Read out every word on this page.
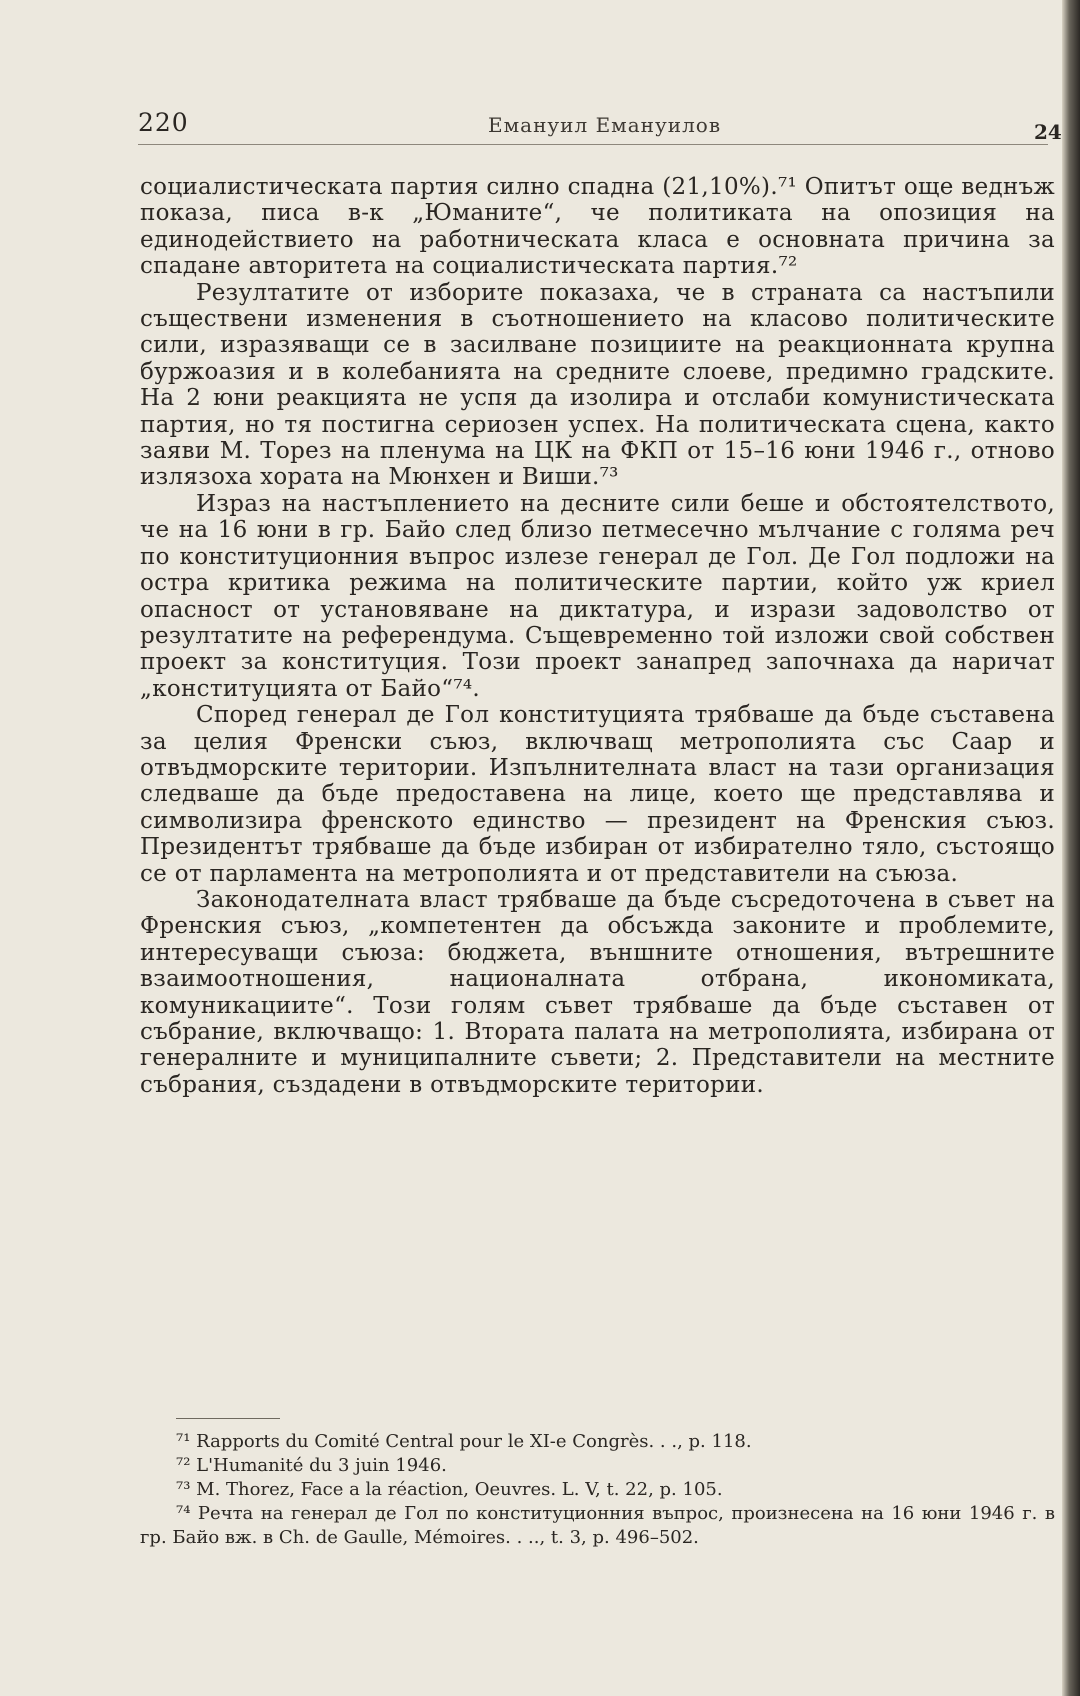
220	Емануил Емануилов	24

социалистическата партия силно спадна (21,10%).⁷¹ Опитът още веднъж показа, писа в-к „Юманите“, че политиката на опозиция на единодействието на работническата класа е основната причина за спадане авторитета на социалистическата партия.⁷²

Резултатите от изборите показаха, че в страната са настъпили съществени изменения в съотношението на класово политическите сили, изразяващи се в засилване позициите на реакционната крупна буржоазия и в колебанията на средните слоеве, предимно градските. На 2 юни реакцията не успя да изолира и отслаби комунистическата партия, но тя постигна сериозен успех. На политическата сцена, както заяви М. Торез на пленума на ЦК на ФКП от 15–16 юни 1946 г., отново излязоха хората на Мюнхен и Виши.⁷³

Израз на настъплението на десните сили беше и обстоятелството, че на 16 юни в гр. Байо след близо петмесечно мълчание с голяма реч по конституционния въпрос излезе генерал де Гол. Де Гол подложи на остра критика режима на политическите партии, който уж криел опасност от установяване на диктатура, и изрази задоволство от резултатите на референдума. Същевременно той изложи свой собствен проект за конституция. Този проект занапред започнаха да наричат „конституцията от Байо“⁷⁴.

Според генерал де Гол конституцията трябваше да бъде съставена за целия Френски съюз, включващ метрополията със Саар и отвъдморските територии. Изпълнителната власт на тази организация следваше да бъде предоставена на лице, което ще представлява и символизира френското единство — президент на Френския съюз. Президентът трябваше да бъде избиран от избирателно тяло, състоящо се от парламента на метрополията и от представители на съюза.

Законодателната власт трябваше да бъде съсредоточена в съвет на Френския съюз, „компетентен да обсъжда законите и проблемите, интересуващи съюза: бюджета, външните отношения, вътрешните взаимоотношения, националната отбрана, икономиката, комуникациите“. Този голям съвет трябваше да бъде съставен от събрание, включващо: 1. Втората палата на метрополията, избирана от генералните и муниципалните съвети; 2. Представители на местните събрания, създадени в отвъдморските територии.

⁷¹ Rapports du Comité Central pour le XI-e Congrès. . ., p. 118.

⁷² L'Humanité du 3 juin 1946.

⁷³ M. Thorez, Face a la réaction, Oeuvres. L. V, t. 22, p. 105.

⁷⁴ Речта на генерал де Гол по конституционния въпрос, произнесена на 16 юни 1946 г. в гр. Байо вж. в Ch. de Gaulle, Mémoires. . .., t. 3, p. 496–502.
